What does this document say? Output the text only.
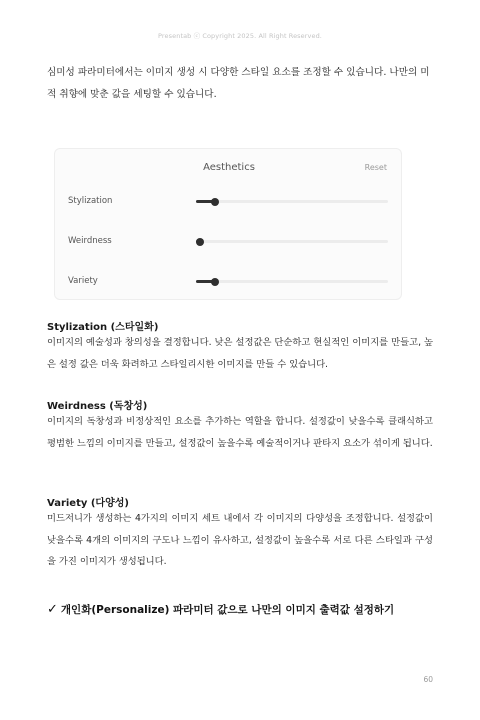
Presentab ⓒ Copyright 2025. All Right Reserved.

심미성 파라미터에서는 이미지 생성 시 다양한 스타일 요소를 조정할 수 있습니다. 나만의 미적 취향에 맞춘 값을 세팅할 수 있습니다.

Aesthetics	Reset
Stylization
Weirdness
Variety
Stylization (스타일화)

이미지의 예술성과 창의성을 결정합니다. 낮은 설정값은 단순하고 현실적인 이미지를 만들고, 높은 설정 값은 더욱 화려하고 스타일리시한 이미지를 만들 수 있습니다.

Weirdness (독창성)

이미지의 독창성과 비정상적인 요소를 추가하는 역할을 합니다. 설정값이 낮을수록 클래식하고 평범한 느낌의 이미지를 만들고, 설정값이 높을수록 예술적이거나 판타지 요소가 섞이게 됩니다.

Variety (다양성)

미드저니가 생성하는 4가지의 이미지 세트 내에서 각 이미지의 다양성을 조정합니다. 설정값이 낮을수록 4개의 이미지의 구도나 느낌이 유사하고, 설정값이 높을수록 서로 다른 스타일과 구성을 가진 이미지가 생성됩니다.

✓ 개인화(Personalize) 파라미터 값으로 나만의 이미지 출력값 설정하기
60
